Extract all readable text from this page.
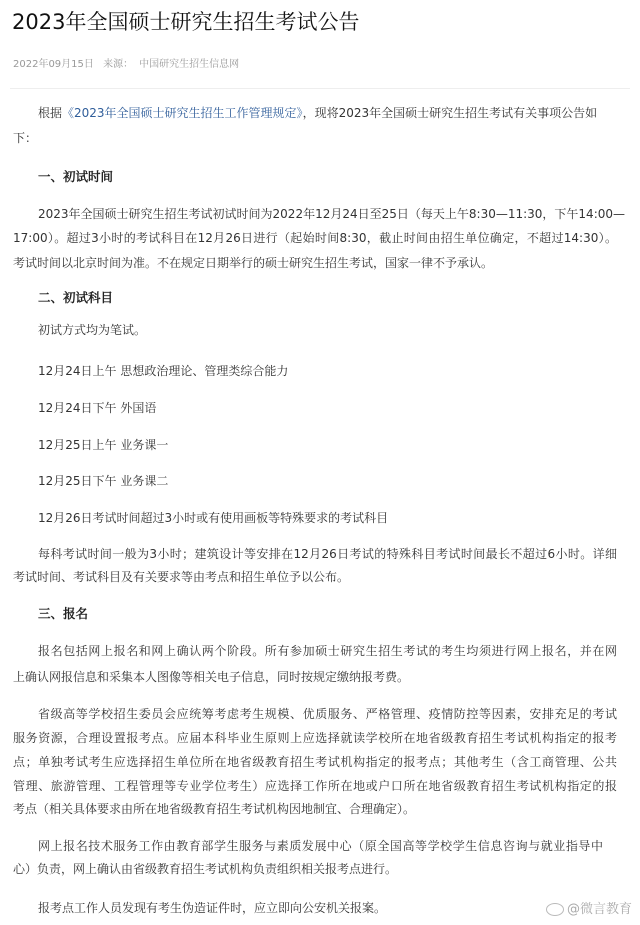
2023年全国硕士研究生招生考试公告
2022年09月15日 来源： 中国研究生招生信息网
根据《2023年全国硕士研究生招生工作管理规定》，现将2023年全国硕士研究生招生考试有关事项公告如
下：
一、初试时间
2023年全国硕士研究生招生考试初试时间为2022年12月24日至25日（每天上午8:30—11:30，下午14:00—
17:00）。超过3小时的考试科目在12月26日进行（起始时间8:30，截止时间由招生单位确定，不超过14:30）。
考试时间以北京时间为准。不在规定日期举行的硕士研究生招生考试，国家一律不予承认。
二、初试科目
初试方式均为笔试。
12月24日上午 思想政治理论、管理类综合能力
12月24日下午 外国语
12月25日上午 业务课一
12月25日下午 业务课二
12月26日考试时间超过3小时或有使用画板等特殊要求的考试科目
每科考试时间一般为3小时；建筑设计等安排在12月26日考试的特殊科目考试时间最长不超过6小时。详细
考试时间、考试科目及有关要求等由考点和招生单位予以公布。
三、报名
报名包括网上报名和网上确认两个阶段。所有参加硕士研究生招生考试的考生均须进行网上报名，并在网
上确认网报信息和采集本人图像等相关电子信息，同时按规定缴纳报考费。
省级高等学校招生委员会应统筹考虑考生规模、优质服务、严格管理、疫情防控等因素，安排充足的考试
服务资源，合理设置报考点。应届本科毕业生原则上应选择就读学校所在地省级教育招生考试机构指定的报考
点；单独考试考生应选择招生单位所在地省级教育招生考试机构指定的报考点；其他考生（含工商管理、公共
管理、旅游管理、工程管理等专业学位考生）应选择工作所在地或户口所在地省级教育招生考试机构指定的报
考点（相关具体要求由所在地省级教育招生考试机构因地制宜、合理确定）。
网上报名技术服务工作由教育部学生服务与素质发展中心（原全国高等学校学生信息咨询与就业指导中
心）负责，网上确认由省级教育招生考试机构负责组织相关报考点进行。
报考点工作人员发现有考生伪造证件时，应立即向公安机关报案。	@微言教育
